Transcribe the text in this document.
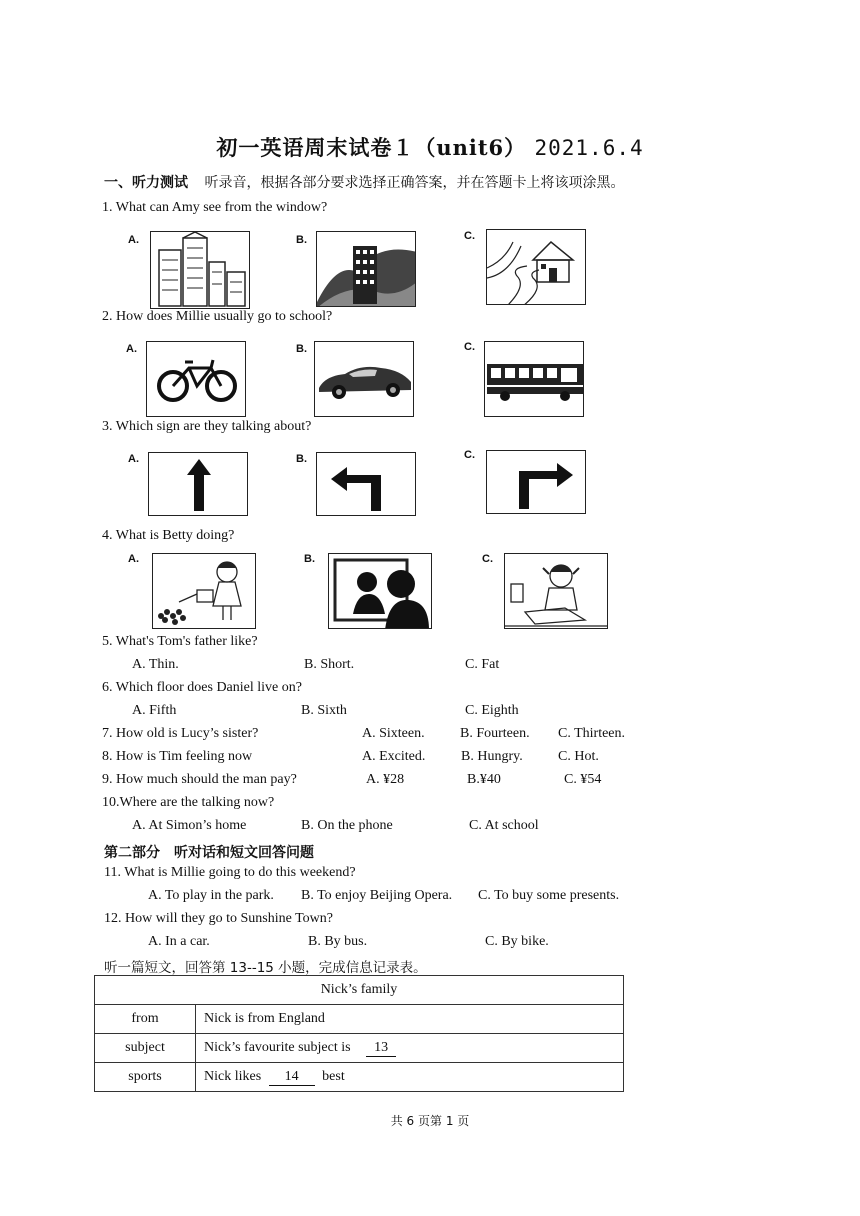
初一英语周末试卷１（unit6） 2021.6.4
一、听力测试 听录音，根据各部分要求选择正确答案，并在答题卡上将该项涂黑。
1. What can Amy see from the window?
A.	B.	C.
2. How does Millie usually go to school?
A.	B.	C.
3. Which sign are they talking about?
A.	B.	C.
4. What is Betty doing?
A.	B.	C.
5. What's Tom's father like?
A. Thin.	B. Short.	C. Fat
6. Which floor does Daniel live on?
A. Fifth	B. Sixth	C. Eighth
7. How old is Lucy’s sister?	A. Sixteen.	B. Fourteen. C. Thirteen.
8. How is Tim feeling now	A. Excited.	B. Hungry.	C. Hot.
9. How much should the man pay?	A. ¥28	B.¥40	C. ¥54
10.Where are the talking now?
A. At Simon’s home	B. On the phone	C. At school
第二部分　听对话和短文回答问题
11. What is Millie going to do this weekend?
A. To play in the park. B. To enjoy Beijing Opera. C. To buy some presents.
12. How will they go to Sunshine Town?
A. In a car.	B. By bus.	C. By bike.
听一篇短文，回答第 13--15 小题，完成信息记录表。
Nick’s family	
from	Nick is from England
subject	Nick’s favourite subject is 13
sports	Nick likes 14 best
共 6 页第 1 页
